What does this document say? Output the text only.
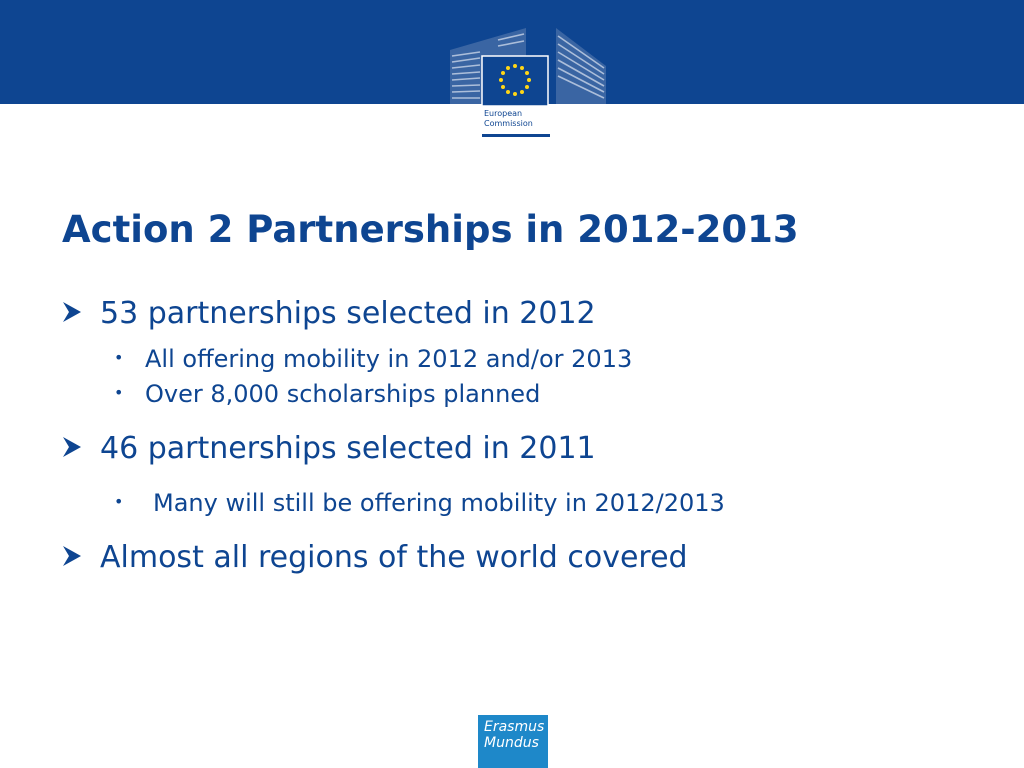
European
Commission
Action 2 Partnerships in 2012-2013
53 partnerships selected in 2012
• All offering mobility in 2012 and/or 2013
• Over 8,000 scholarships planned
46 partnerships selected in 2011
• Many will still be offering mobility in 2012/2013
Almost all regions of the world covered
Erasmus
Mundus
